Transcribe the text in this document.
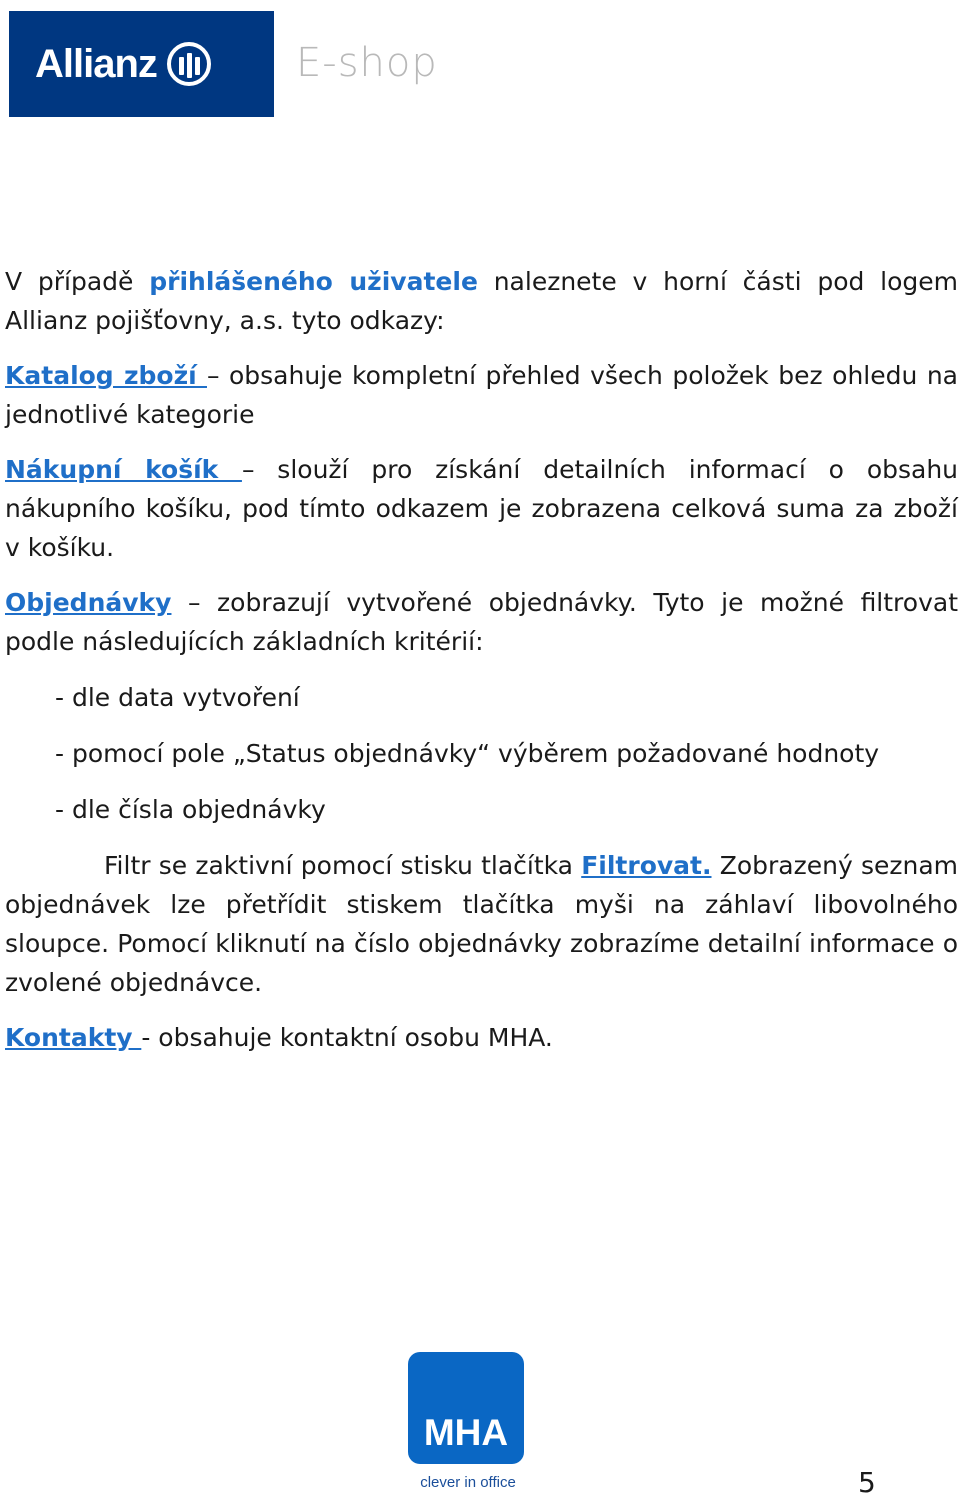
Allianz	E-shop

V případě přihlášeného uživatele naleznete v horní části pod logem Allianz pojišťovny, a.s. tyto odkazy:

Katalog zboží – obsahuje kompletní přehled všech položek bez ohledu na jednotlivé kategorie

Nákupní košík – slouží pro získání detailních informací o obsahu nákupního košíku, pod tímto odkazem je zobrazena celková suma za zboží v košíku.

Objednávky – zobrazují vytvořené objednávky. Tyto je možné filtrovat podle následujících základních kritérií:

- dle data vytvoření

- pomocí pole „Status objednávky“ výběrem požadované hodnoty

- dle čísla objednávky

Filtr se zaktivní pomocí stisku tlačítka Filtrovat. Zobrazený seznam objednávek lze přetřídit stiskem tlačítka myši na záhlaví libovolného sloupce. Pomocí kliknutí na číslo objednávky zobrazíme detailní informace o zvolené objednávce.

Kontakty - obsahuje kontaktní osobu MHA.

MHA
clever in office	5
